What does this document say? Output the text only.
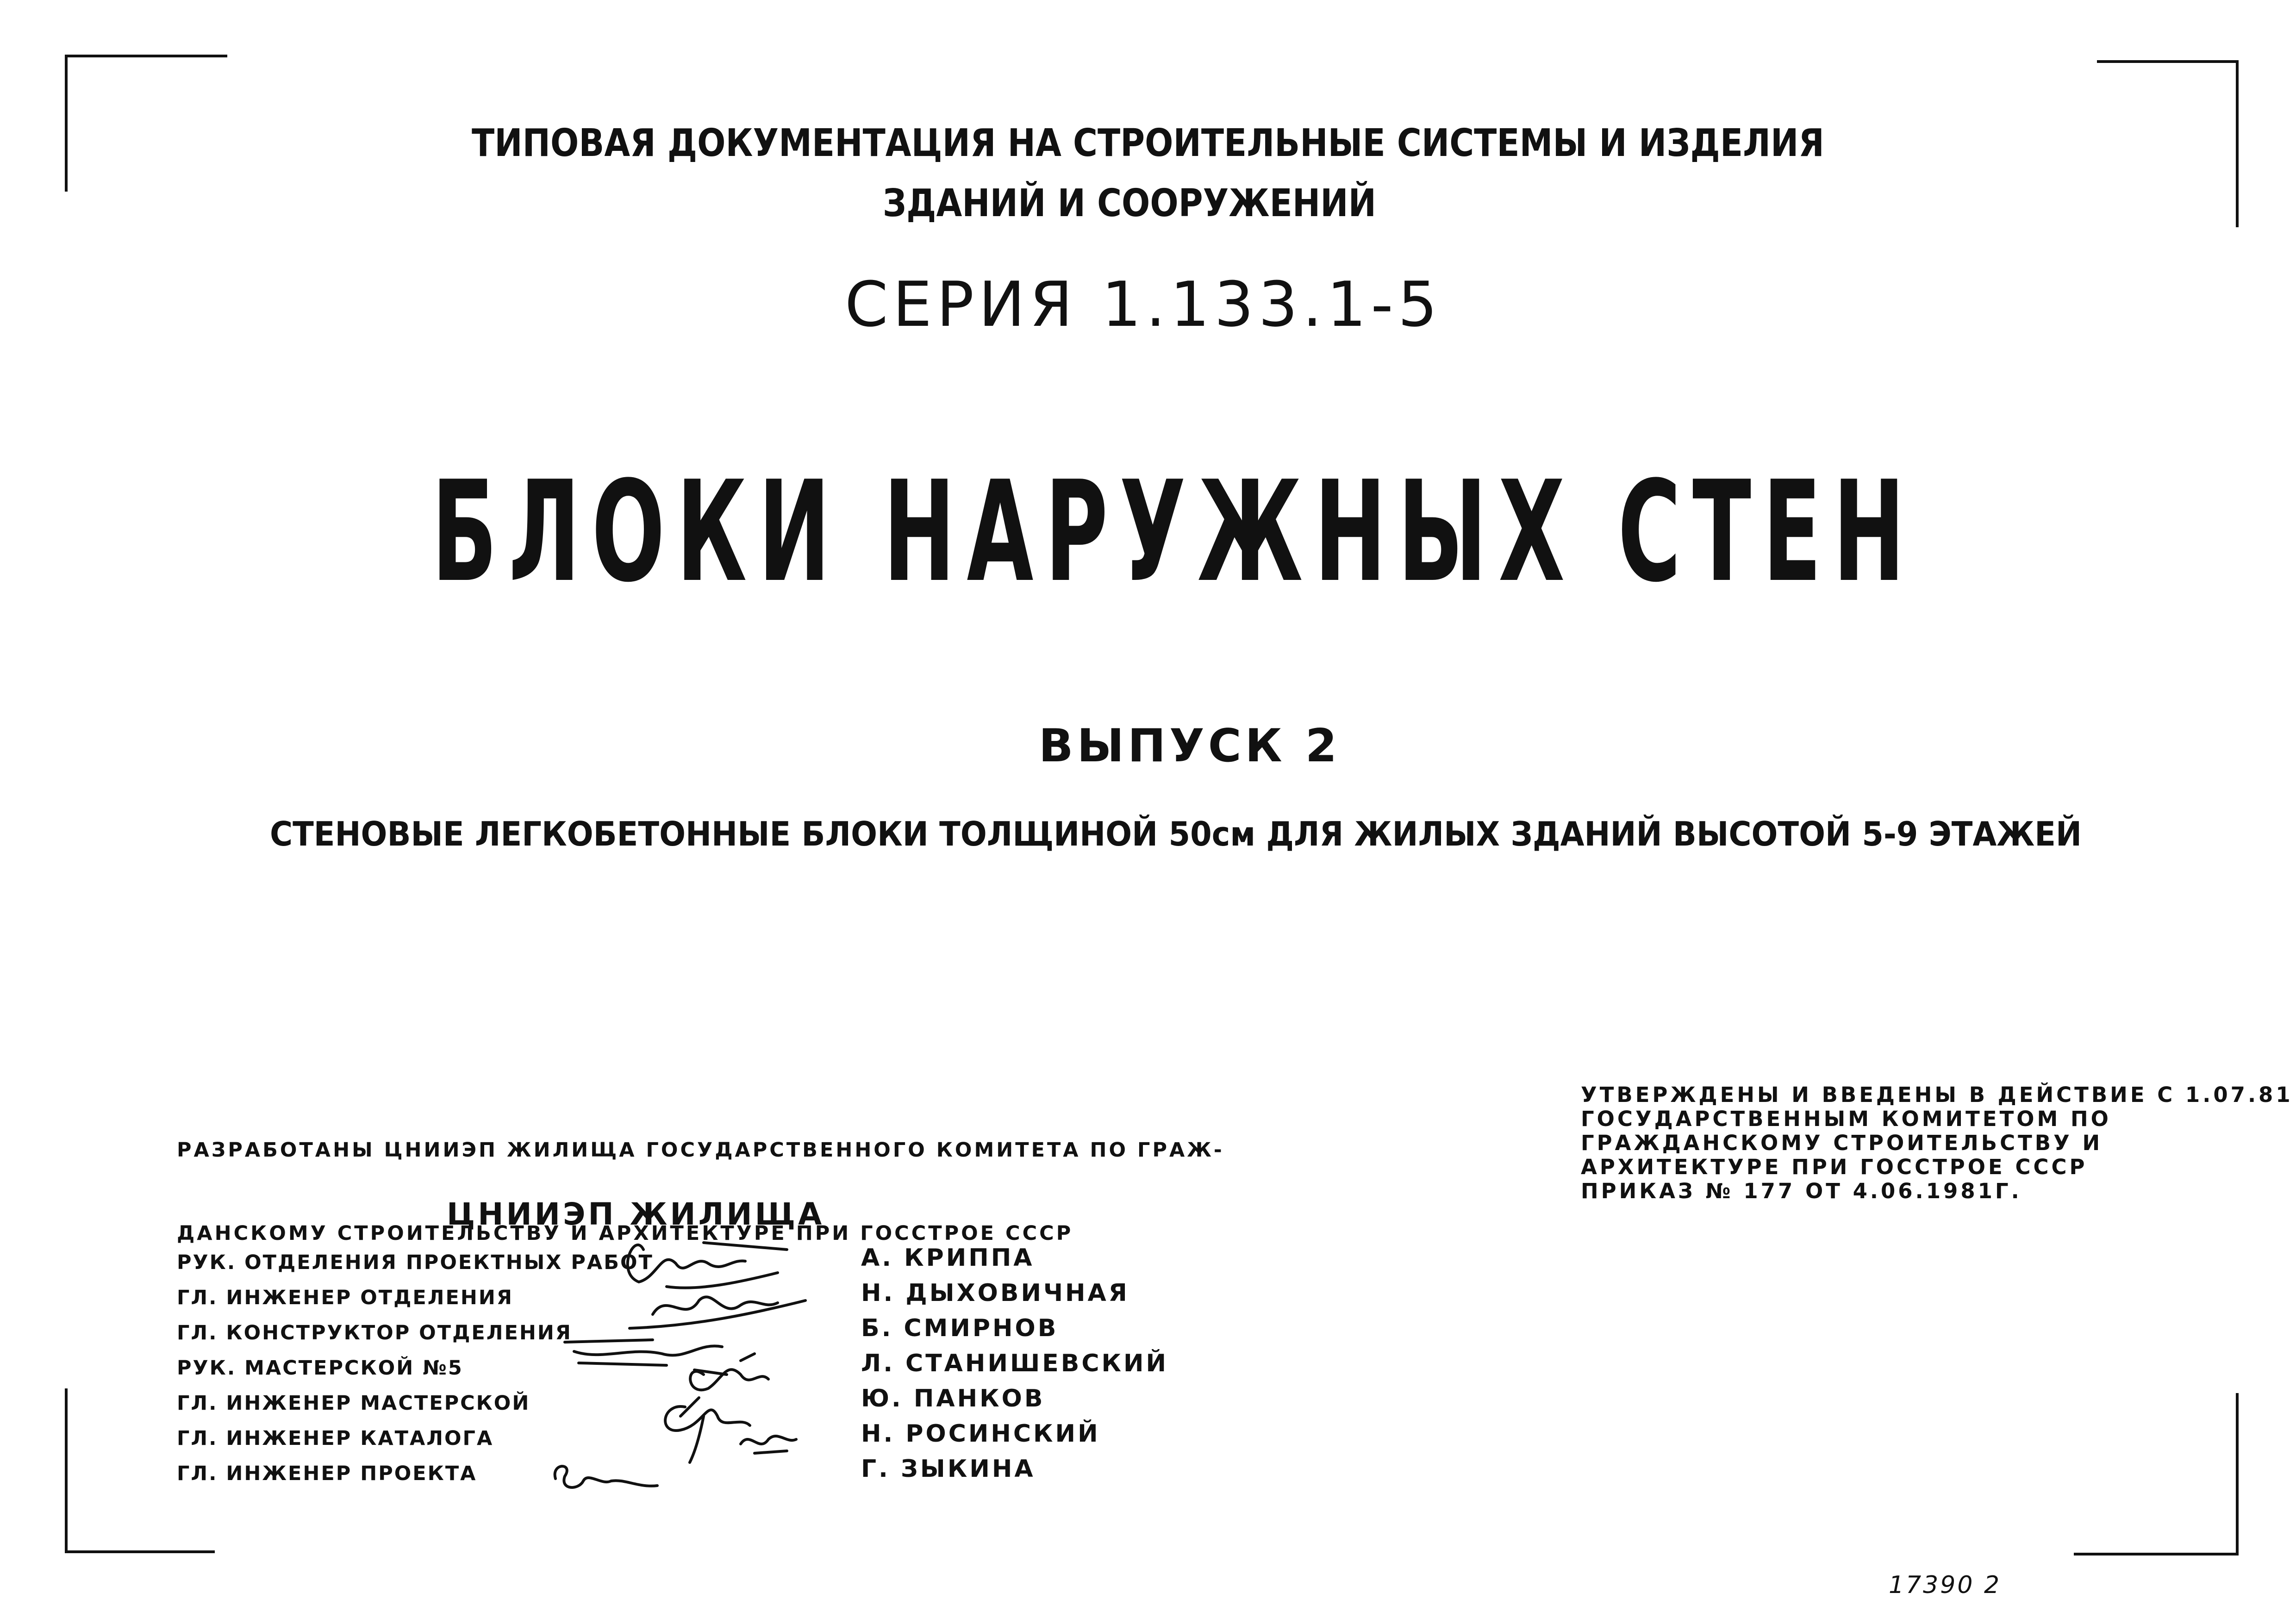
ТИПОВАЯ ДОКУМЕНТАЦИЯ НА СТРОИТЕЛЬНЫЕ СИСТЕМЫ И ИЗДЕЛИЯ
ЗДАНИЙ И СООРУЖЕНИЙ
СЕРИЯ 1.133.1-5
БЛОКИ НАРУЖНЫХ СТЕН
ВЫПУСК 2
СТЕНОВЫЕ ЛЕГКОБЕТОННЫЕ БЛОКИ ТОЛЩИНОЙ 50см ДЛЯ ЖИЛЫХ ЗДАНИЙ ВЫСОТОЙ 5-9 ЭТАЖЕЙ

РАЗРАБОТАНЫ ЦНИИЭП ЖИЛИЩА ГОСУДАРСТВЕННОГО КОМИТЕТА ПО ГРАЖ-

ДАНСКОМУ СТРОИТЕЛЬСТВУ И АРХИТЕКТУРЕ ПРИ ГОССТРОЕ СССР

УТВЕРЖДЕНЫ И ВВЕДЕНЫ В ДЕЙСТВИЕ С 1.07.81
ГОСУДАРСТВЕННЫМ КОМИТЕТОМ ПО
ГРАЖДАНСКОМУ СТРОИТЕЛЬСТВУ И
АРХИТЕКТУРЕ ПРИ ГОССТРОЕ СССР
ПРИКАЗ № 177 ОТ 4.06.1981Г.
ЦНИИЭП ЖИЛИЩА
РУК. ОТДЕЛЕНИЯ ПРОЕКТНЫХ РАБОТ
ГЛ. ИНЖЕНЕР ОТДЕЛЕНИЯ
ГЛ. КОНСТРУКТОР ОТДЕЛЕНИЯ
РУК. МАСТЕРСКОЙ №5
ГЛ. ИНЖЕНЕР МАСТЕРСКОЙ
ГЛ. ИНЖЕНЕР КАТАЛОГА
ГЛ. ИНЖЕНЕР ПРОЕКТА
А. КРИППА
Н. ДЫХОВИЧНАЯ
Б. СМИРНОВ
Л. СТАНИШЕВСКИЙ
Ю. ПАНКОВ
Н. РОСИНСКИЙ
Г. ЗЫКИНА
17390 2
